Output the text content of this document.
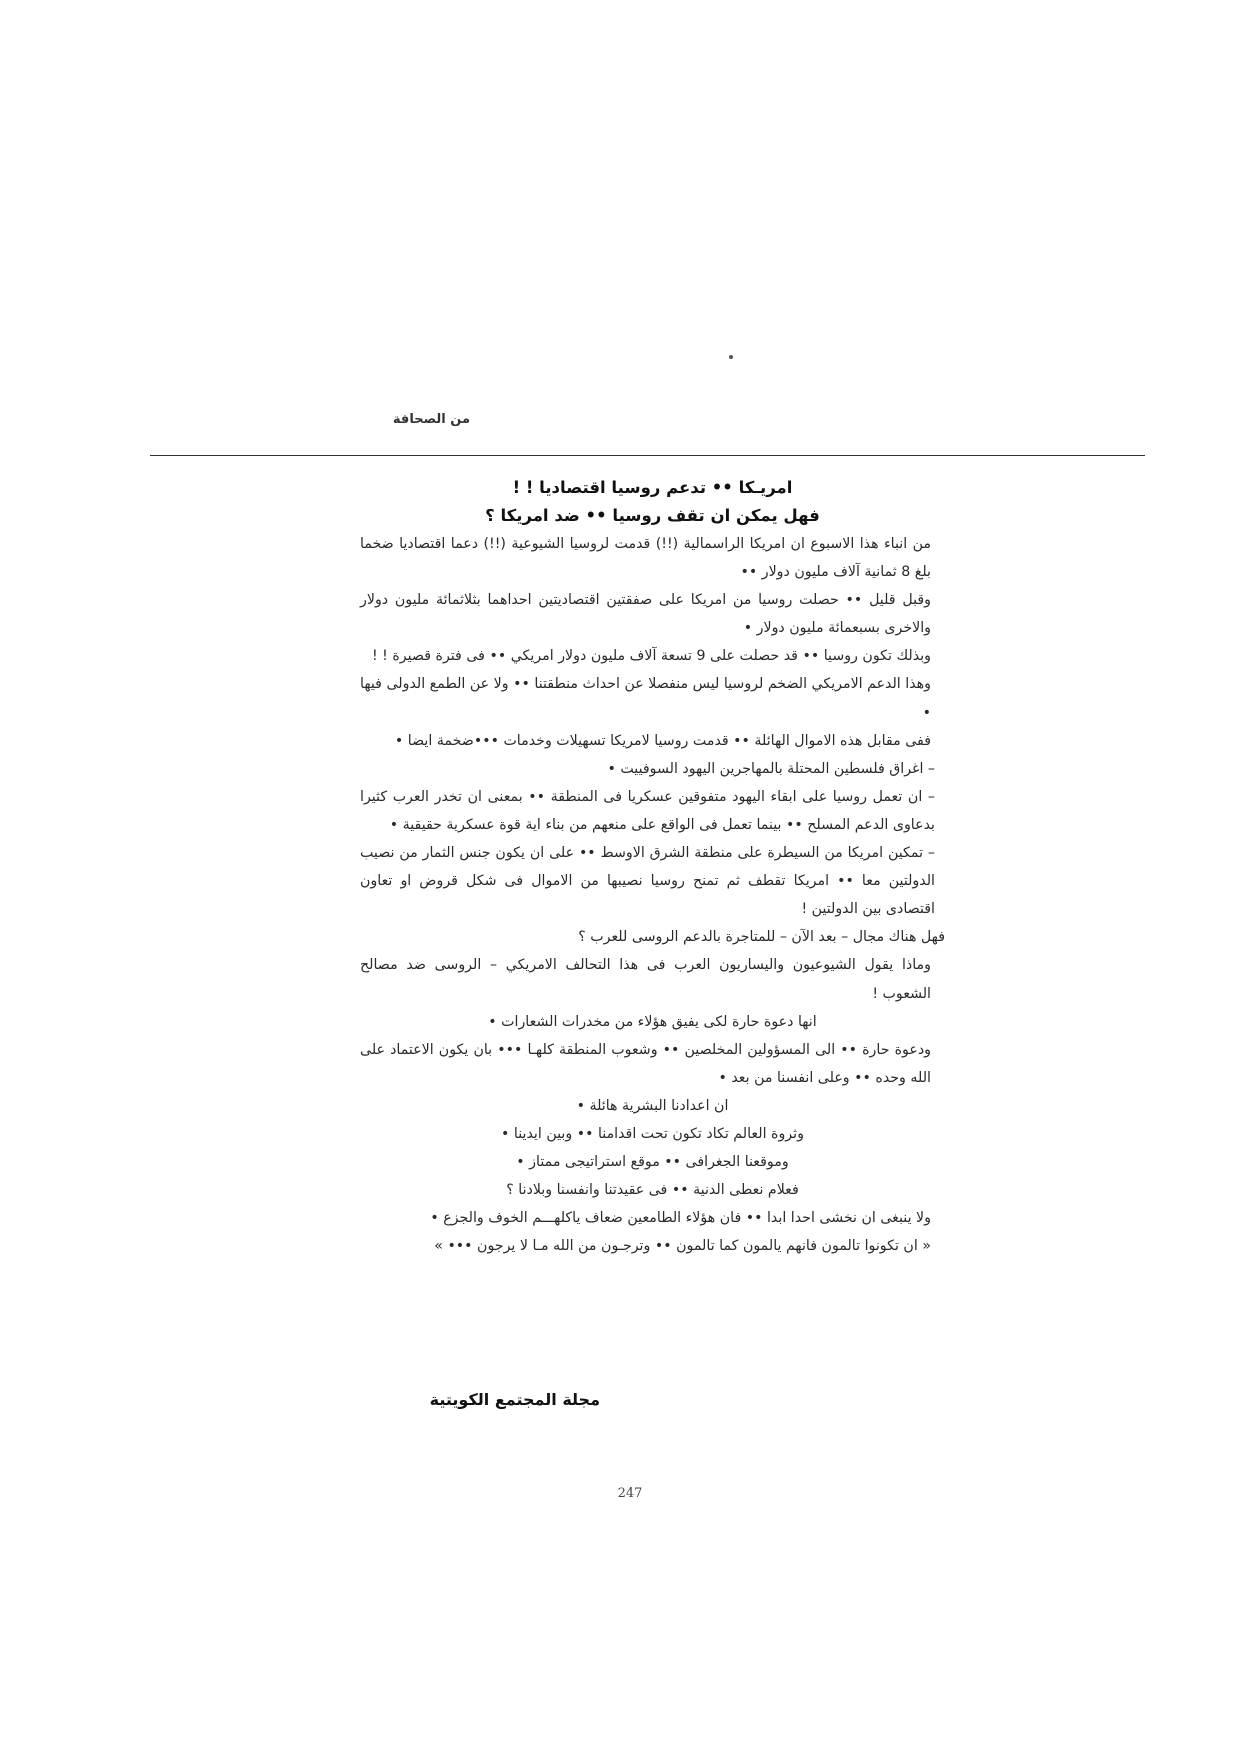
من الصحافة

امريـكا •• تدعم روسيا اقتصاديا ! !

فهل يمكن ان تقف روسيا •• ضد امريكا ؟

من انباء هذا الاسبوع ان امريكا الراسمالية (!!) قدمت لروسيا الشيوعية (!!) دعما اقتصاديا ضخما بلغ 8 ثمانية آلاف مليون دولار ••

وقبل قليل •• حصلت روسيا من امريكا على صفقتين اقتصاديتين احداهما بثلاثمائة مليون دولار والاخرى بسبعمائة مليون دولار •

وبذلك تكون روسيا •• قد حصلت على 9 تسعة آلاف مليون دولار امريكي •• فى فترة قصيرة ! !

وهذا الدعم الامريكي الضخم لروسيا ليس منفصلا عن احداث منطقتنا •• ولا عن الطمع الدولى فيها •

ففى مقابل هذه الاموال الهائلة •• قدمت روسيا لامريكا تسهيلات وخدمات •••ضخمة ايضا •

– اغراق فلسطين المحتلة بالمهاجرين اليهود السوفييت •

– ان تعمل روسيا على ابقاء اليهود متفوقين عسكريا فى المنطقة •• بمعنى ان تخدر العرب كثيرا بدعاوى الدعم المسلح •• بينما تعمل فى الواقع على منعهم من بناء اية قوة عسكرية حقيقية •

– تمكين امريكا من السيطرة على منطقة الشرق الاوسط •• على ان يكون جنس الثمار من نصيب الدولتين معا •• امريكا تقطف ثم تمنح روسيا نصيبها من الاموال فى شكل قروض او تعاون اقتصادى بين الدولتين !

فهل هناك مجال – بعد الآن – للمتاجرة بالدعم الروسى للعرب ؟

وماذا يقول الشيوعيون واليساريون العرب فى هذا التحالف الامريكي – الروسى ضد مصالح الشعوب !

انها دعوة حارة لكى يفيق هؤلاء من مخدرات الشعارات •

ودعوة حارة •• الى المسؤولين المخلصين •• وشعوب المنطقة كلهـا ••• بان يكون الاعتماد على الله وحده •• وعلى انفسنا من بعد •

ان اعدادنا البشرية هائلة •

وثروة العالم تكاد تكون تحت اقدامنا •• وبين ايدينا •

وموقعنا الجغرافى •• موقع استراتيجى ممتاز •

فعلام نعطى الدنية •• فى عقيدتنا وانفسنا وبلادنا ؟

ولا ينبغى ان نخشى احدا ابدا •• فان هؤلاء الطامعين ضعاف ياكلهـــم الخوف والجزع •

« ان تكونوا تالمون فانهم يالمون كما تالمون •• وترجـون من الله مـا لا يرجون ••• »

مجلة المجتمع الكويتية
247
